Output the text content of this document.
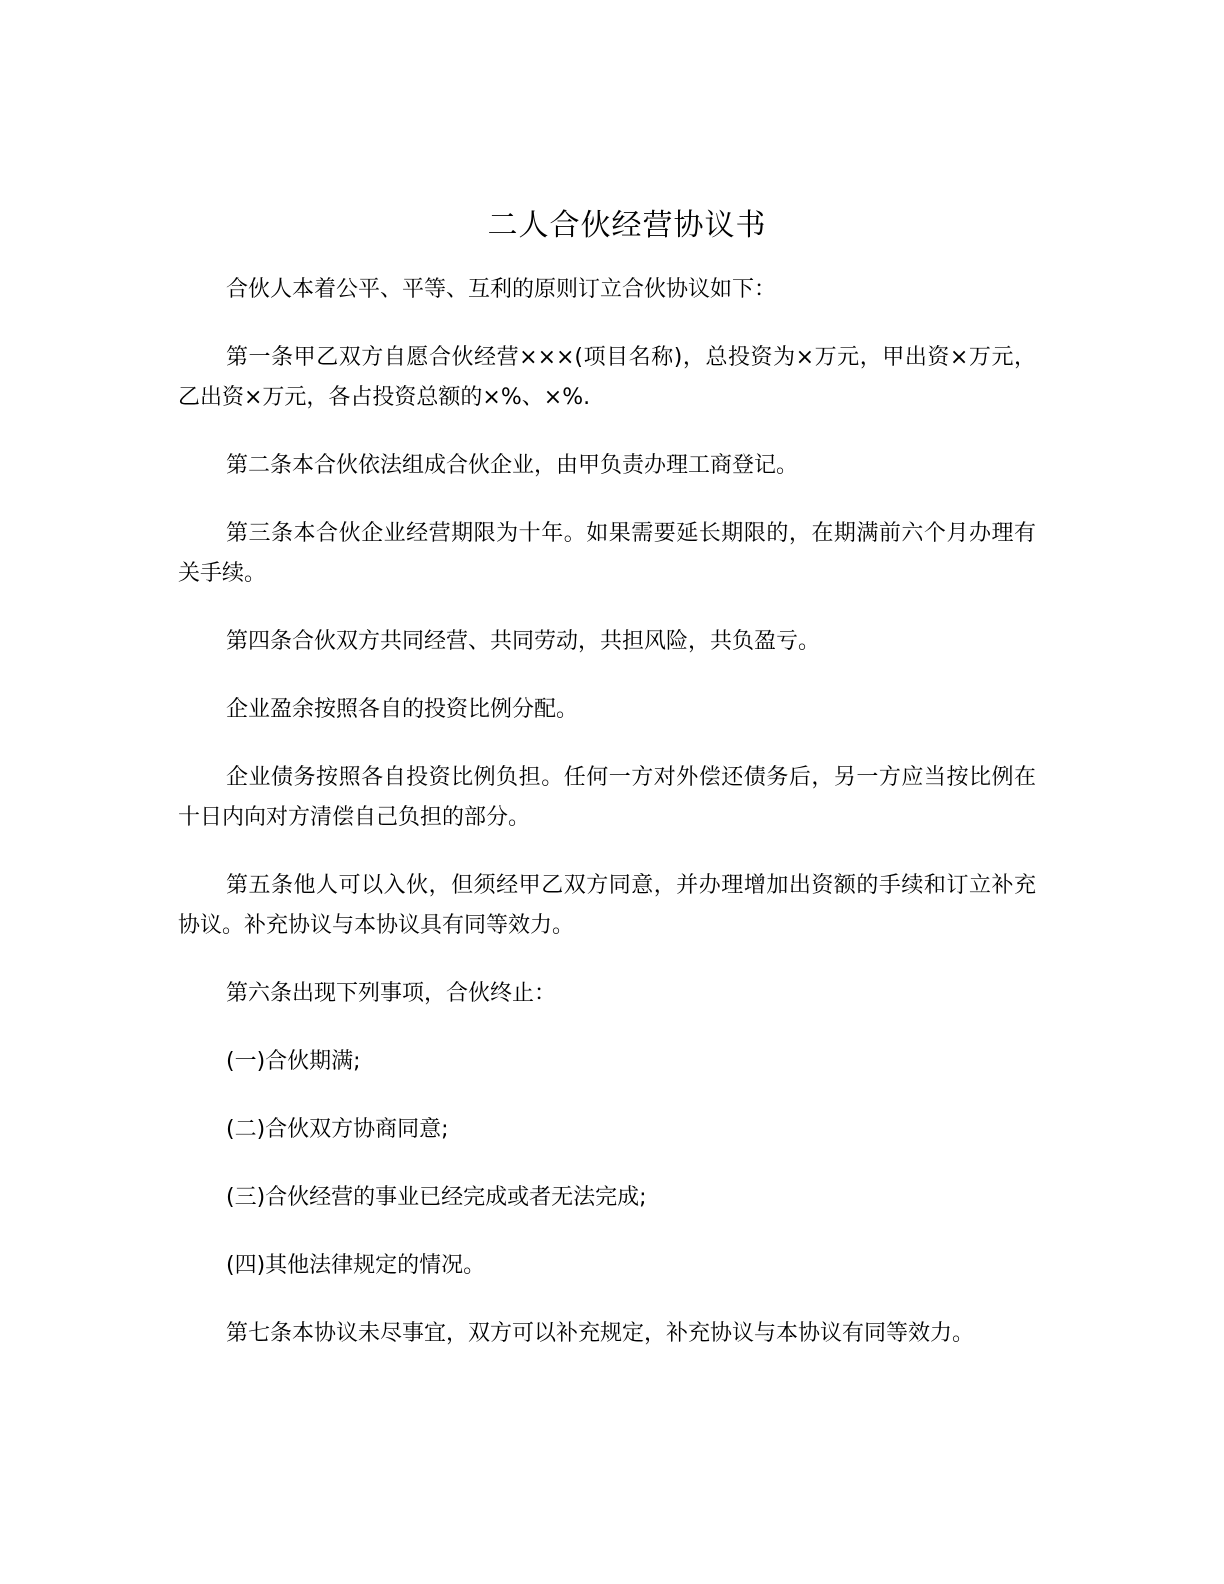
二人合伙经营协议书

合伙人本着公平、平等、互利的原则订立合伙协议如下：

第一条甲乙双方自愿合伙经营×××(项目名称)，总投资为×万元，甲出资×万元，乙出资×万元，各占投资总额的×%、×%.

第二条本合伙依法组成合伙企业，由甲负责办理工商登记。

第三条本合伙企业经营期限为十年。如果需要延长期限的，在期满前六个月办理有关手续。

第四条合伙双方共同经营、共同劳动，共担风险，共负盈亏。

企业盈余按照各自的投资比例分配。

企业债务按照各自投资比例负担。任何一方对外偿还债务后，另一方应当按比例在十日内向对方清偿自己负担的部分。

第五条他人可以入伙，但须经甲乙双方同意，并办理增加出资额的手续和订立补充协议。补充协议与本协议具有同等效力。

第六条出现下列事项，合伙终止：

(一)合伙期满;

(二)合伙双方协商同意;

(三)合伙经营的事业已经完成或者无法完成;

(四)其他法律规定的情况。

第七条本协议未尽事宜，双方可以补充规定，补充协议与本协议有同等效力。
